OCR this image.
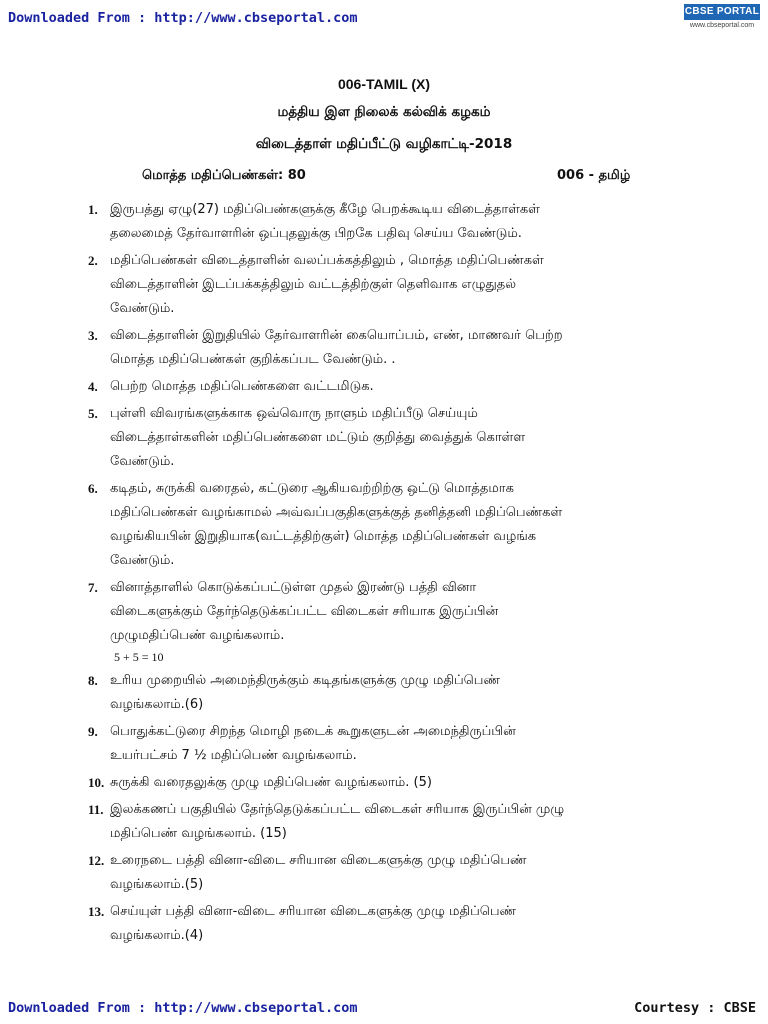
Downloaded From : http://www.cbseportal.com	CBSE PORTAL
www.cbseportal.com
006-TAMIL (X)
மத்திய இள நிலைக் கல்விக் கழகம்
விடைத்தாள் மதிப்பீட்டு வழிகாட்டி-2018
மொத்த மதிப்பெண்கள்: 80	006 - தமிழ்
1. இருபத்து ஏழு(27) மதிப்பெண்களுக்கு கீழே பெறக்கூடிய விடைத்தாள்கள்
தலைமைத் தேர்வாளரின் ஒப்புதலுக்கு பிறகே பதிவு செய்ய வேண்டும்.
2. மதிப்பெண்கள் விடைத்தாளின் வலப்பக்கத்திலும் , மொத்த மதிப்பெண்கள்
விடைத்தாளின் இடப்பக்கத்திலும் வட்டத்திற்குள் தெளிவாக எழுதுதல்
வேண்டும்.
3. விடைத்தாளின் இறுதியில் தேர்வாளரின் கையொப்பம், எண், மாணவர் பெற்ற
மொத்த மதிப்பெண்கள் குறிக்கப்பட வேண்டும். .
4. பெற்ற மொத்த மதிப்பெண்களை வட்டமிடுக.
5. புள்ளி விவரங்களுக்காக ஒவ்வொரு நாளும் மதிப்பீடு செய்யும்
விடைத்தாள்களின் மதிப்பெண்களை மட்டும் குறித்து வைத்துக் கொள்ள
வேண்டும்.
6. கடிதம், சுருக்கி வரைதல், கட்டுரை ஆகியவற்றிற்கு ஒட்டு மொத்தமாக
மதிப்பெண்கள் வழங்காமல் அவ்வப்பகுதிகளுக்குத் தனித்தனி மதிப்பெண்கள்
வழங்கியபின் இறுதியாக(வட்டத்திற்குள்) மொத்த மதிப்பெண்கள் வழங்க
வேண்டும்.
7. வினாத்தாளில் கொடுக்கப்பட்டுள்ள முதல் இரண்டு பத்தி வினா
விடைகளுக்கும் தேர்ந்தெடுக்கப்பட்ட விடைகள் சரியாக இருப்பின்
முழுமதிப்பெண் வழங்கலாம்.
5 + 5 = 10
8. உரிய முறையில் அமைந்திருக்கும் கடிதங்களுக்கு முழு மதிப்பெண்
வழங்கலாம்.(6)
9. பொதுக்கட்டுரை சிறந்த மொழி நடைக் கூறுகளுடன் அமைந்திருப்பின்
உயர்பட்சம் 7 ½ மதிப்பெண் வழங்கலாம்.
10. சுருக்கி வரைதலுக்கு முழு மதிப்பெண் வழங்கலாம். (5)
11. இலக்கணப் பகுதியில் தேர்ந்தெடுக்கப்பட்ட விடைகள் சரியாக இருப்பின் முழு
மதிப்பெண் வழங்கலாம். (15)
12. உரைநடை பத்தி வினா-விடை சரியான விடைகளுக்கு முழு மதிப்பெண்
வழங்கலாம்.(5)
13. செய்யுள் பத்தி வினா-விடை சரியான விடைகளுக்கு முழு மதிப்பெண்
வழங்கலாம்.(4)
Downloaded From : http://www.cbseportal.com	Courtesy : CBSE
